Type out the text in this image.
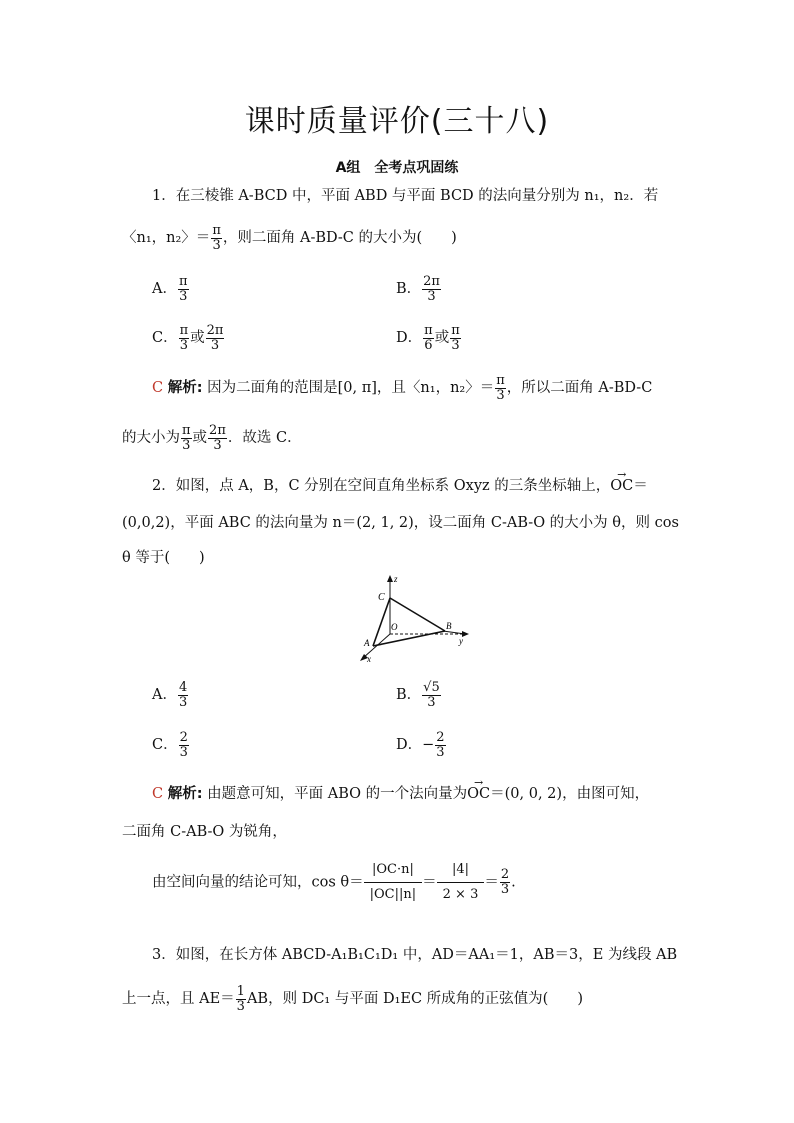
课时质量评价(三十八)
A组　全考点巩固练
1．在三棱锥 A-BCD 中，平面 ABD 与平面 BCD 的法向量分别为 n₁，n₂．若
〈n₁，n₂〉＝ $\frac{\pi}{3}$ ，则二面角 A-BD-C 的大小为(　　)
A． $\frac{\pi}{3}$	B． $\frac{2\pi}{3}$
C． $\frac{\pi}{3}$ 或 $\frac{2\pi}{3}$	D． $\frac{\pi}{6}$ 或 $\frac{\pi}{3}$
C 解析: 因为二面角的范围是[0, π]，且〈n₁，n₂〉＝ $\frac{\pi}{3}$ ，所以二面角 A-BD-C
的大小为 $\frac{\pi}{3}$ 或 $\frac{2\pi}{3}$ ．故选 C．
2．如图，点 A，B，C 分别在空间直角坐标系 Oxyz 的三条坐标轴上，→ OC＝
(0,0,2)，平面 ABC 的法向量为 n＝(2, 1, 2)，设二面角 C-AB-O 的大小为 θ，则 cos
θ 等于(　　)
z
y
x
C
O	B
A
A． $\frac{4}{3}$	B． $\frac{√5}{3}$
C． $\frac{2}{3}$	D．− $\frac{2}{3}$
C 解析: 由题意可知，平面 ABO 的一个法向量为→ OC＝(0, 0, 2)，由图可知，
二面角 C-AB-O 为锐角，
由空间向量的结论可知，$\cos \theta= \frac{|OC\cdot n|}{|OC||n|} = \frac{|4|}{2 \times 3} = \frac{2}{3}$ .
3．如图，在长方体 ABCD-A₁B₁C₁D₁ 中，AD＝AA₁＝1，AB＝3，E 为线段 AB
上一点，且 $AE= \frac{1}{3}$ AB，则 DC₁ 与平面 D₁EC 所成角的正弦值为(　　)
